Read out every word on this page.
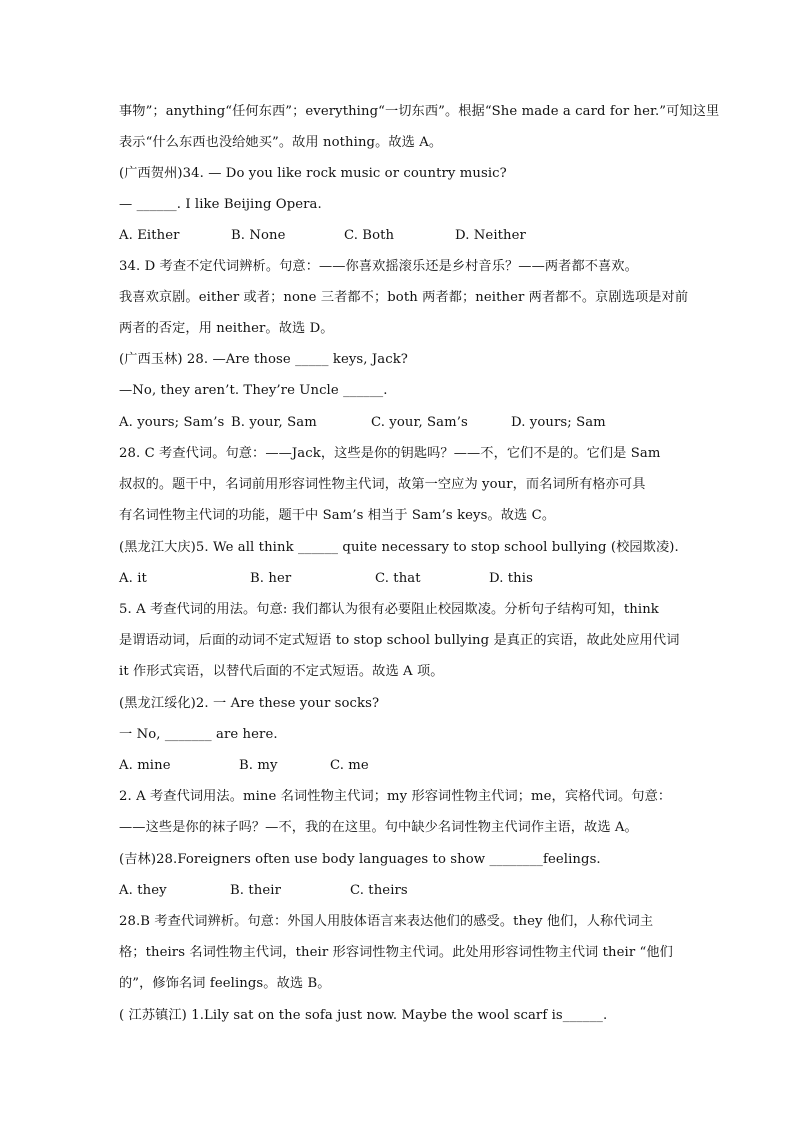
事物”；anything“任何东西”；everything“一切东西”。根据“She made a card for her.”可知这里
表示“什么东西也没给她买”。故用 nothing。故选 A。
(广西贺州)34. — Do you like rock music or country music?
— ______. I like Beijing Opera.
A. Either	B. None	C. Both	D. Neither
34. D 考查不定代词辨析。句意：——你喜欢摇滚乐还是乡村音乐？——两者都不喜欢。
我喜欢京剧。either 或者；none 三者都不；both 两者都；neither 两者都不。京剧选项是对前
两者的否定，用 neither。故选 D。
(广西玉林) 28. —Are those _____ keys, Jack?
—No, they aren’t. They’re Uncle ______.
A. yours; Sam’s B. your, Sam	C. your, Sam’s	D. yours; Sam
28. C 考查代词。句意：——Jack，这些是你的钥匙吗？——不，它们不是的。它们是 Sam
叔叔的。题干中，名词前用形容词性物主代词，故第一空应为 your，而名词所有格亦可具
有名词性物主代词的功能，题干中 Sam’s 相当于 Sam’s keys。故选 C。
(黑龙江大庆)5. We all think ______ quite necessary to stop school bullying (校园欺凌).
A. it	B. her	C. that	D. this
5. A 考查代词的用法。句意: 我们都认为很有必要阻止校园欺凌。分析句子结构可知，think
是谓语动词，后面的动词不定式短语 to stop school bullying 是真正的宾语，故此处应用代词
it 作形式宾语，以替代后面的不定式短语。故选 A 项。
(黑龙江绥化)2. 一 Are these your socks?
一 No, _______ are here.
A. mine	B. my	C. me
2. A 考查代词用法。mine 名词性物主代词；my 形容词性物主代词；me，宾格代词。句意：
——这些是你的袜子吗？—不，我的在这里。句中缺少名词性物主代词作主语，故选 A。
(吉林)28.Foreigners often use body languages to show ________feelings.
A. they	B. their	C. theirs
28.B 考查代词辨析。句意：外国人用肢体语言来表达他们的感受。they 他们，人称代词主
格；theirs 名词性物主代词，their 形容词性物主代词。此处用形容词性物主代词 their “他们
的”，修饰名词 feelings。故选 B。
( 江苏镇江) 1.Lily sat on the sofa just now. Maybe the wool scarf is______.
